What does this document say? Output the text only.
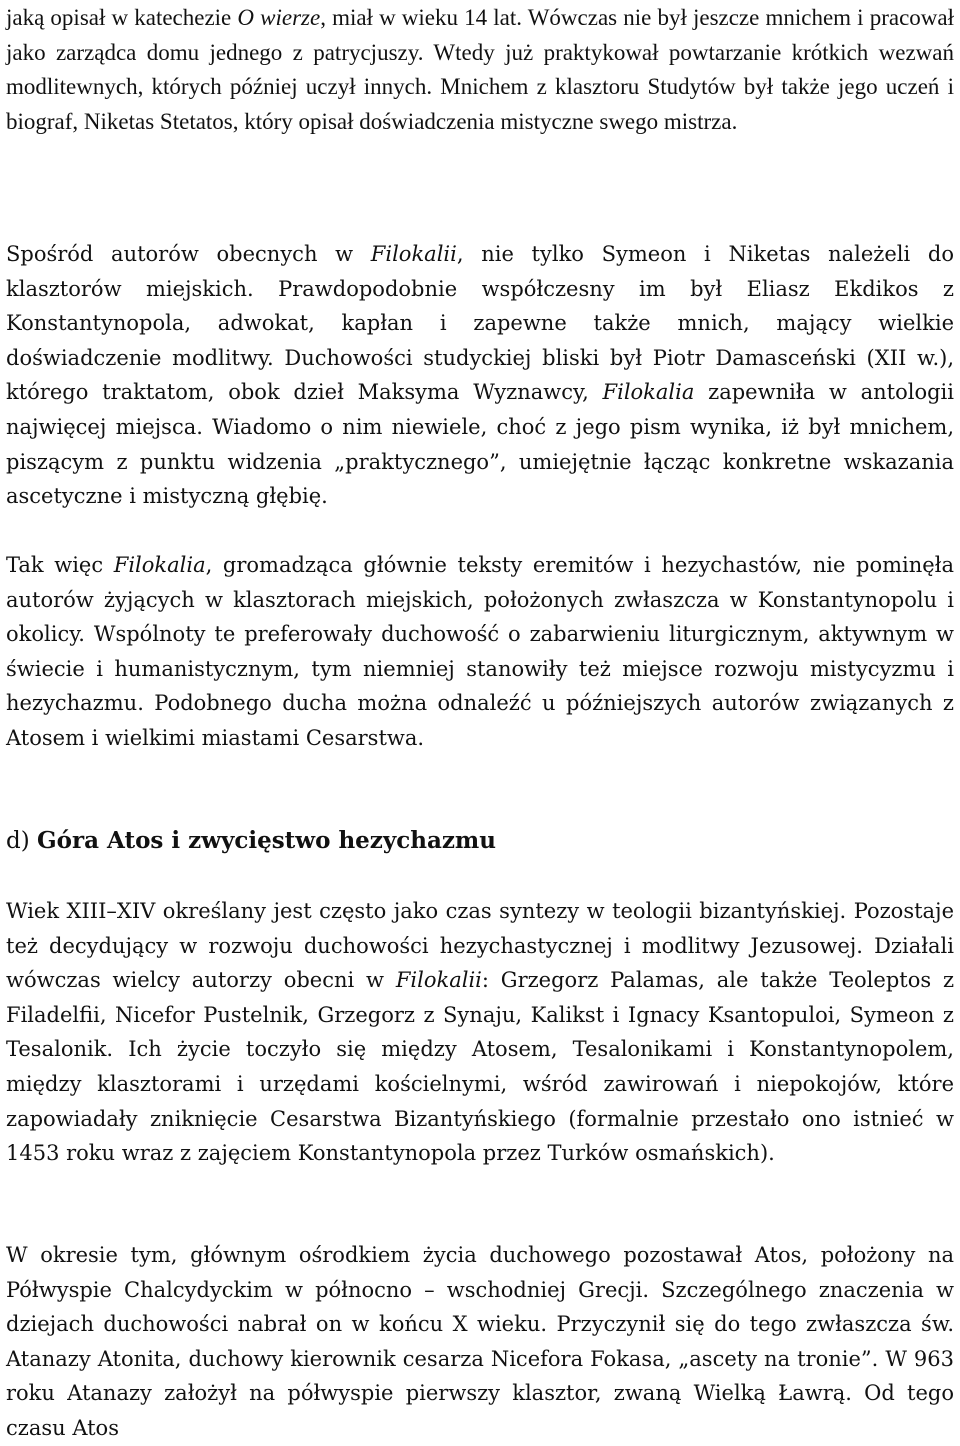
jaką opisał w katechezie O wierze, miał w wieku 14 lat. Wówczas nie był jeszcze mnichem i pracował jako zarządca domu jednego z patrycjuszy. Wtedy już praktykował powtarzanie krótkich wezwań modlitewnych, których później uczył innych. Mnichem z klasztoru Studytów był także jego uczeń i biograf, Niketas Stetatos, który opisał doświadczenia mistyczne swego mistrza.

Spośród autorów obecnych w Filokalii, nie tylko Symeon i Niketas należeli do klasztorów miejskich. Prawdopodobnie współczesny im był Eliasz Ekdikos z Konstantynopola, adwokat, kapłan i zapewne także mnich, mający wielkie doświadczenie modlitwy. Duchowości studyckiej bliski był Piotr Damasceński (XII w.), którego traktatom, obok dzieł Maksyma Wyznawcy, Filokalia zapewniła w antologii najwięcej miejsca. Wiadomo o nim niewiele, choć z jego pism wynika, iż był mnichem, piszącym z punktu widzenia „praktycznego”, umiejętnie łącząc konkretne wskazania ascetyczne i mistyczną głębię.

Tak więc Filokalia, gromadząca głównie teksty eremitów i hezychastów, nie pominęła autorów żyjących w klasztorach miejskich, położonych zwłaszcza w Konstantynopolu i okolicy. Wspólnoty te preferowały duchowość o zabarwieniu liturgicznym, aktywnym w świecie i humanistycznym, tym niemniej stanowiły też miejsce rozwoju mistycyzmu i hezychazmu. Podobnego ducha można odnaleźć u późniejszych autorów związanych z Atosem i wielkimi miastami Cesarstwa.

d) Góra Atos i zwycięstwo hezychazmu

Wiek XIII–XIV określany jest często jako czas syntezy w teologii bizantyńskiej. Pozostaje też decydujący w rozwoju duchowości hezychastycznej i modlitwy Jezusowej. Działali wówczas wielcy autorzy obecni w Filokalii: Grzegorz Palamas, ale także Teoleptos z Filadelfii, Nicefor Pustelnik, Grzegorz z Synaju, Kalikst i Ignacy Ksantopuloi, Symeon z Tesalonik. Ich życie toczyło się między Atosem, Tesalonikami i Konstantynopolem, między klasztorami i urzędami kościelnymi, wśród zawirowań i niepokojów, które zapowiadały zniknięcie Cesarstwa Bizantyńskiego (formalnie przestało ono istnieć w 1453 roku wraz z zajęciem Konstantynopola przez Turków osmańskich).

W okresie tym, głównym ośrodkiem życia duchowego pozostawał Atos, położony na Półwyspie Chalcydyckim w północno – wschodniej Grecji. Szczególnego znaczenia w dziejach duchowości nabrał on w końcu X wieku. Przyczynił się do tego zwłaszcza św. Atanazy Atonita, duchowy kierownik cesarza Nicefora Fokasa, „ascety na tronie”. W 963 roku Atanazy założył na półwyspie pierwszy klasztor, zwaną Wielką Ławrą. Od tego czasu Atos
